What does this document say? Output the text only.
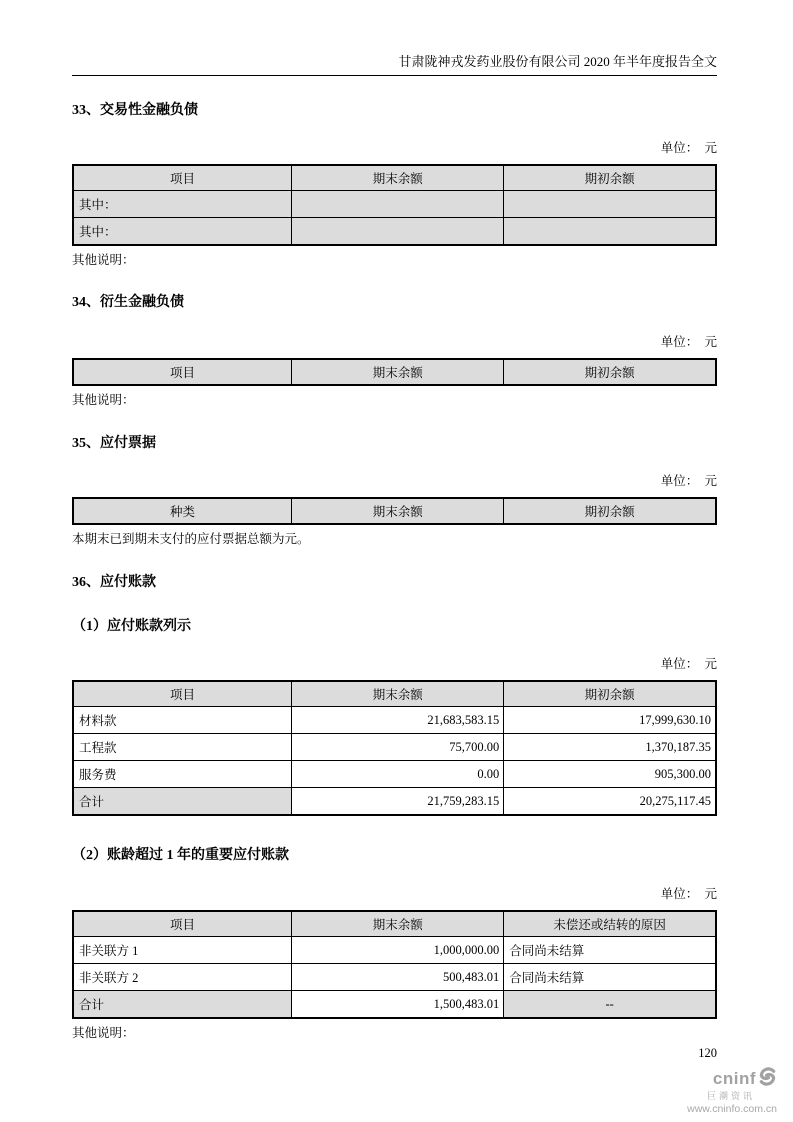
甘肃陇神戎发药业股份有限公司 2020 年半年度报告全文
33、交易性金融负债
单位：  元
项目	期末余额	期初余额
其中：		
其中：		
其他说明：
34、衍生金融负债
单位：  元
项目	期末余额	期初余额
其他说明：
35、应付票据
单位：  元
种类	期末余额	期初余额
本期末已到期未支付的应付票据总额为元。
36、应付账款
（1）应付账款列示
单位：  元
项目	期末余额	期初余额
材料款	21,683,583.15	17,999,630.10
工程款	75,700.00	1,370,187.35
服务费	0.00	905,300.00
合计	21,759,283.15	20,275,117.45
（2）账龄超过 1 年的重要应付账款
单位：  元
项目	期末余额	未偿还或结转的原因
非关联方 1	1,000,000.00	合同尚未结算
非关联方 2	500,483.01	合同尚未结算
合计	1,500,483.01	--
其他说明：
120
cninf
巨潮资讯
www.cninfo.com.cn
